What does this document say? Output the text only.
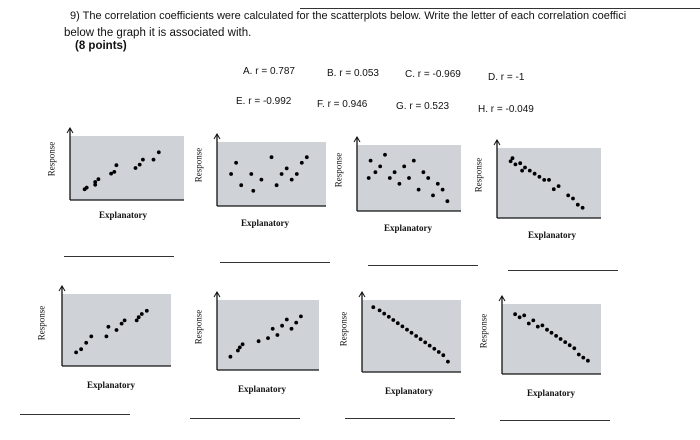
9) The correlation coefficients were calculated for the scatterplots below. Write the letter of each correlation coeffici
below the graph it is associated with.
(8 points)
A. r = 0.787	B. r = 0.053	C. r = -0.969	D. r = -1
E. r = -0.992	F. r = 0.946	G. r = 0.523	H. r = -0.049
Response
Explanatory
Response
Explanatory
Response
Explanatory
Response
Explanatory
Response
Explanatory
Response
Explanatory
Response
Explanatory
Response
Explanatory
